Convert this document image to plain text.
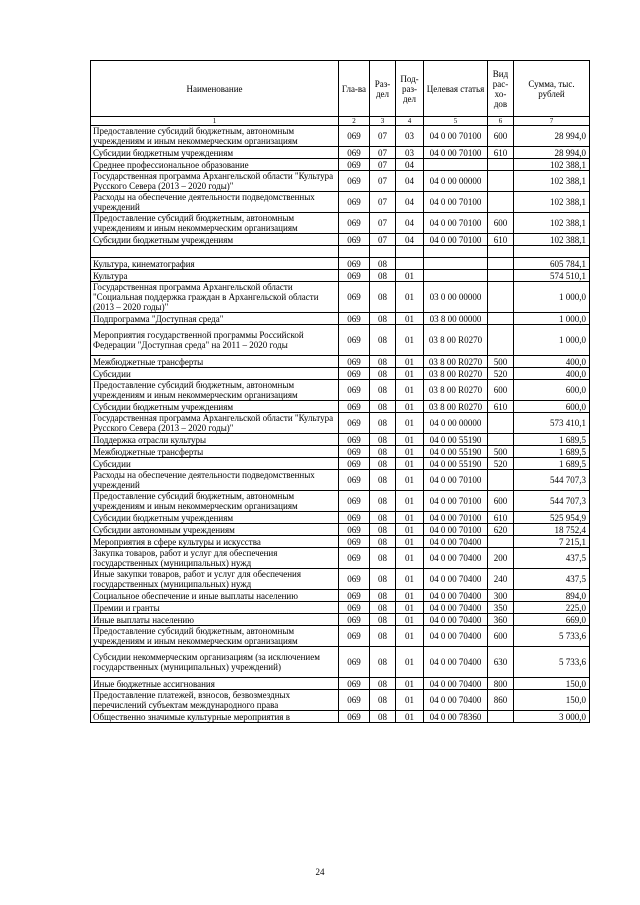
Наименование	Гла-ва	Раз-дел	Под-раз-дел	Целевая статья	Вид рас-хо-дов	Сумма, тыс. рублей
1	2	3	4	5	6	7
Предоставление субсидий бюджетным, автономным учреждениям и иным некоммерческим организациям	069	07	03	04 0 00 70100	600	28 994,0
Субсидии бюджетным учреждениям	069	07	03	04 0 00 70100	610	28 994,0
Среднее профессиональное образование	069	07	04			102 388,1
Государственная программа Архангельской области "Культура Русского Севера (2013 – 2020 годы)"	069	07	04	04 0 00 00000		102 388,1
Расходы на обеспечение деятельности подведомственных учреждений	069	07	04	04 0 00 70100		102 388,1
Предоставление субсидий бюджетным, автономным учреждениям и иным некоммерческим организациям	069	07	04	04 0 00 70100	600	102 388,1
Субсидии бюджетным учреждениям	069	07	04	04 0 00 70100	610	102 388,1

Культура, кинематография	069	08				605 784,1
Культура	069	08	01			574 510,1
Государственная программа Архангельской области "Социальная поддержка граждан в Архангельской области (2013 – 2020 годы)"	069	08	01	03 0 00 00000		1 000,0
Подпрограмма "Доступная среда"	069	08	01	03 8 00 00000		1 000,0
Мероприятия государственной программы Российской Федерации "Доступная среда" на 2011 – 2020 годы	069	08	01	03 8 00 R0270		1 000,0
Межбюджетные трансферты	069	08	01	03 8 00 R0270	500	400,0
Субсидии	069	08	01	03 8 00 R0270	520	400,0
Предоставление субсидий бюджетным, автономным учреждениям и иным некоммерческим организациям	069	08	01	03 8 00 R0270	600	600,0
Субсидии бюджетным учреждениям	069	08	01	03 8 00 R0270	610	600,0
Государственная программа Архангельской области "Культура Русского Севера (2013 – 2020 годы)"	069	08	01	04 0 00 00000		573 410,1
Поддержка отрасли культуры	069	08	01	04 0 00 55190		1 689,5
Межбюджетные трансферты	069	08	01	04 0 00 55190	500	1 689,5
Субсидии	069	08	01	04 0 00 55190	520	1 689,5
Расходы на обеспечение деятельности подведомственных учреждений	069	08	01	04 0 00 70100		544 707,3
Предоставление субсидий бюджетным, автономным учреждениям и иным некоммерческим организациям	069	08	01	04 0 00 70100	600	544 707,3
Субсидии бюджетным учреждениям	069	08	01	04 0 00 70100	610	525 954,9
Субсидии автономным учреждениям	069	08	01	04 0 00 70100	620	18 752,4
Мероприятия в сфере культуры и искусства	069	08	01	04 0 00 70400		7 215,1
Закупка товаров, работ и услуг для обеспечения государственных (муниципальных) нужд	069	08	01	04 0 00 70400	200	437,5
Иные закупки товаров, работ и услуг для обеспечения государственных (муниципальных) нужд	069	08	01	04 0 00 70400	240	437,5
Социальное обеспечение и иные выплаты населению	069	08	01	04 0 00 70400	300	894,0
Премии и гранты	069	08	01	04 0 00 70400	350	225,0
Иные выплаты населению	069	08	01	04 0 00 70400	360	669,0
Предоставление субсидий бюджетным, автономным учреждениям и иным некоммерческим организациям	069	08	01	04 0 00 70400	600	5 733,6
Субсидии некоммерческим организациям (за исключением государственных (муниципальных) учреждений)	069	08	01	04 0 00 70400	630	5 733,6
Иные бюджетные ассигнования	069	08	01	04 0 00 70400	800	150,0
Предоставление платежей, взносов, безвозмездных перечислений субъектам международного права	069	08	01	04 0 00 70400	860	150,0
Общественно значимые культурные мероприятия в	069	08	01	04 0 00 78360		3 000,0
24
